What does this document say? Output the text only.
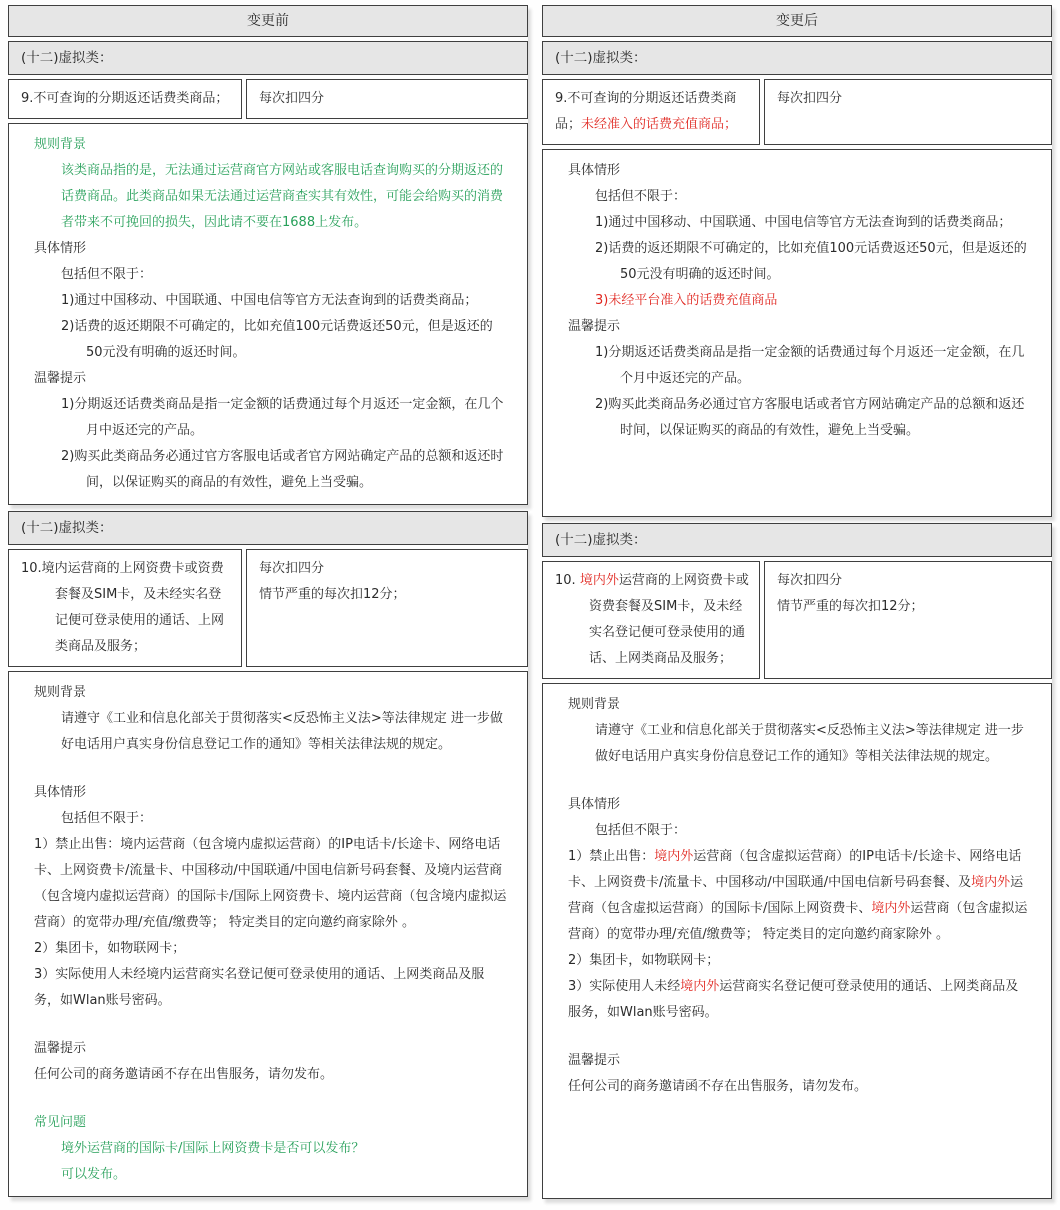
变更前
(十二)虚拟类：
9.不可查询的分期返还话费类商品； 每次扣四分
规则背景
该类商品指的是，无法通过运营商官方网站或客服电话查询购买的分期返还的话费商品。此类商品如果无法通过运营商查实其有效性，可能会给购买的消费者带来不可挽回的损失，因此请不要在1688上发布。
具体情形
包括但不限于：
1)通过中国移动、中国联通、中国电信等官方无法查询到的话费类商品；
2)话费的返还期限不可确定的，比如充值100元话费返还50元，但是返还的50元没有明确的返还时间。
温馨提示
1)分期返还话费类商品是指一定金额的话费通过每个月返还一定金额，在几个月中返还完的产品。
2)购买此类商品务必通过官方客服电话或者官方网站确定产品的总额和返还时间，以保证购买的商品的有效性，避免上当受骗。
(十二)虚拟类：
10.境内运营商的上网资费卡或资费套餐及SIM卡，及未经实名登记便可登录使用的通话、上网类商品及服务；
每次扣四分
情节严重的每次扣12分；
规则背景
请遵守《工业和信息化部关于贯彻落实<反恐怖主义法>等法律规定 进一步做好电话用户真实身份信息登记工作的通知》等相关法律法规的规定。
具体情形
包括但不限于：
1）禁止出售：境内运营商（包含境内虚拟运营商）的IP电话卡/长途卡、网络电话卡、上网资费卡/流量卡、中国移动/中国联通/中国电信新号码套餐、及境内运营商（包含境内虚拟运营商）的国际卡/国际上网资费卡、境内运营商（包含境内虚拟运营商）的宽带办理/充值/缴费等； 特定类目的定向邀约商家除外 。
2）集团卡，如物联网卡；
3）实际使用人未经境内运营商实名登记便可登录使用的通话、上网类商品及服务，如Wlan账号密码。
温馨提示
任何公司的商务邀请函不存在出售服务，请勿发布。
常见问题
境外运营商的国际卡/国际上网资费卡是否可以发布？
可以发布。
变更后
(十二)虚拟类：
9.不可查询的分期返还话费类商品；未经准入的话费充值商品；
每次扣四分
具体情形
包括但不限于：
1)通过中国移动、中国联通、中国电信等官方无法查询到的话费类商品；
2)话费的返还期限不可确定的，比如充值100元话费返还50元，但是返还的50元没有明确的返还时间。
3)未经平台准入的话费充值商品
温馨提示
1)分期返还话费类商品是指一定金额的话费通过每个月返还一定金额，在几个月中返还完的产品。
2)购买此类商品务必通过官方客服电话或者官方网站确定产品的总额和返还时间，以保证购买的商品的有效性，避免上当受骗。
(十二)虚拟类：
10. 境内外运营商的上网资费卡或资费套餐及SIM卡，及未经实名登记便可登录使用的通话、上网类商品及服务；
每次扣四分
情节严重的每次扣12分；
规则背景
请遵守《工业和信息化部关于贯彻落实<反恐怖主义法>等法律规定 进一步做好电话用户真实身份信息登记工作的通知》等相关法律法规的规定。
具体情形
包括但不限于：
1）禁止出售：境内外运营商（包含虚拟运营商）的IP电话卡/长途卡、网络电话卡、上网资费卡/流量卡、中国移动/中国联通/中国电信新号码套餐、及境内外运营商（包含虚拟运营商）的国际卡/国际上网资费卡、境内外运营商（包含虚拟运营商）的宽带办理/充值/缴费等； 特定类目的定向邀约商家除外 。
2）集团卡，如物联网卡；
3）实际使用人未经境内外运营商实名登记便可登录使用的通话、上网类商品及服务，如Wlan账号密码。
温馨提示
任何公司的商务邀请函不存在出售服务，请勿发布。
